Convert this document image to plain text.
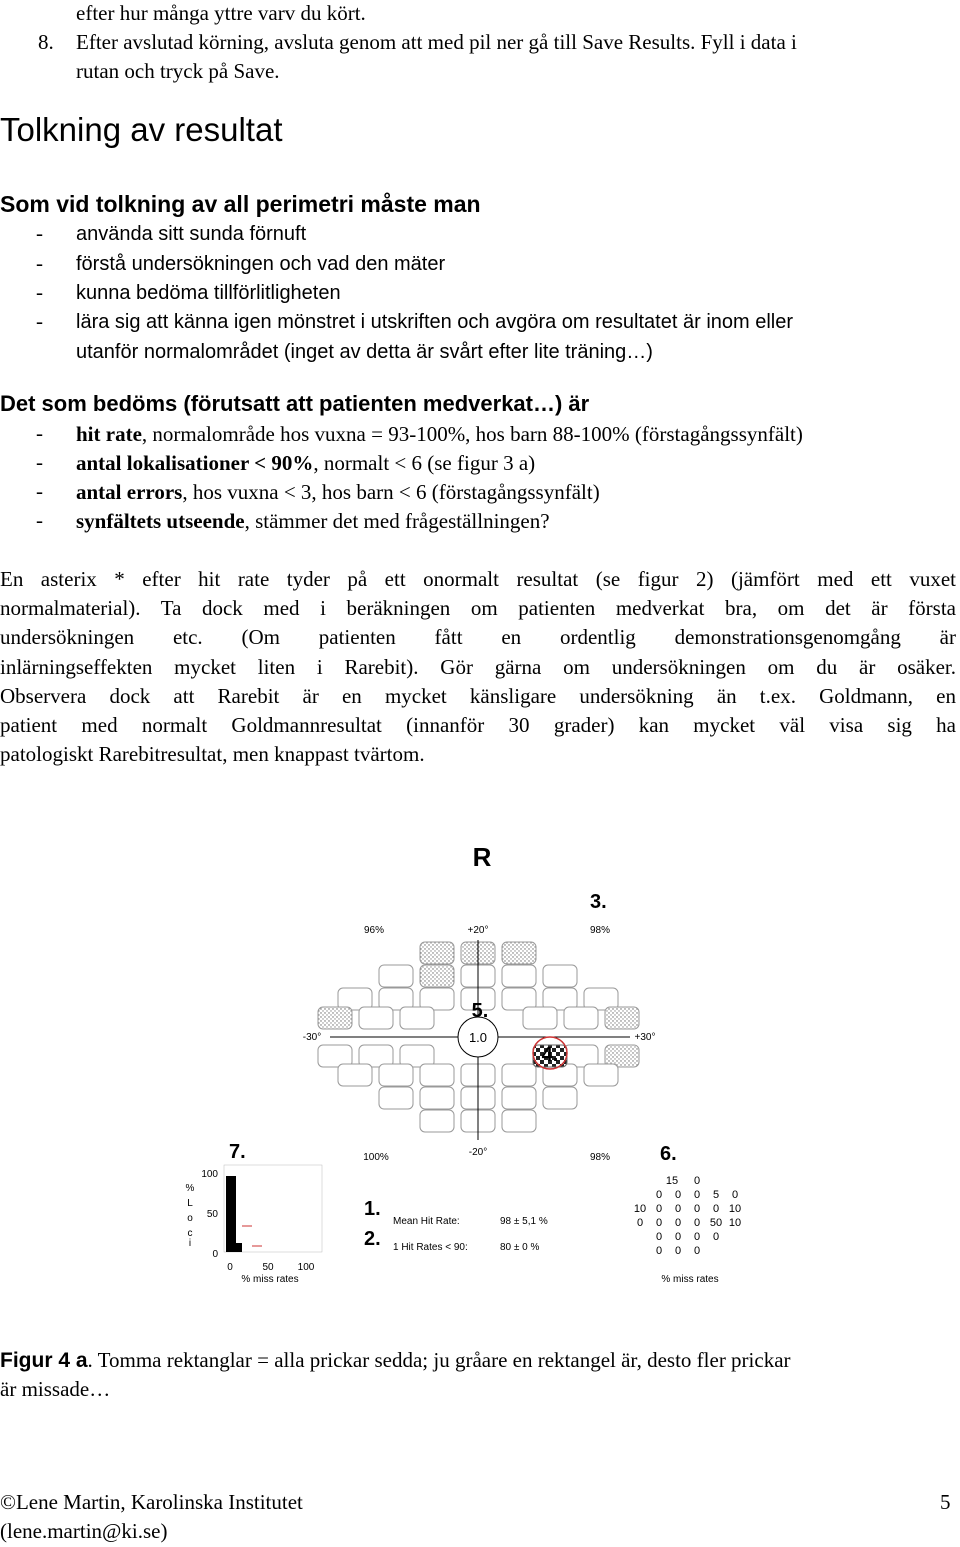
efter hur många yttre varv du kört.
8. Efter avslutad körning, avsluta genom att med pil ner gå till Save Results. Fyll i data i
rutan och tryck på Save.
Tolkning av resultat
Som vid tolkning av all perimetri måste man
- använda sitt sunda förnuft
- förstå undersökningen och vad den mäter
- kunna bedöma tillförlitligheten
- lära sig att känna igen mönstret i utskriften och avgöra om resultatet är inom eller
utanför normalområdet (inget av detta är svårt efter lite träning…)
Det som bedöms (förutsatt att patienten medverkat…) är
- hit rate, normalområde hos vuxna = 93-100%, hos barn 88-100% (förstagångssynfält)
- antal lokalisationer < 90%, normalt < 6 (se figur 3 a)
- antal errors, hos vuxna < 3, hos barn < 6 (förstagångssynfält)
- synfältets utseende, stämmer det med frågeställningen?
En asterix * efter hit rate tyder på ett onormalt resultat (se figur 2) (jämfört med ett vuxet
normalmaterial). Ta dock med i beräkningen om patienten medverkat bra, om det är första
undersökningen etc. (Om patienten fått en ordentlig demonstrationsgenomgång är
inlärningseffekten mycket liten i Rarebit). Gör gärna om undersökningen om du är osäker.
Observera dock att Rarebit är en mycket känsligare undersökning än t.ex. Goldmann, en
patient med normalt Goldmannresultat (innanför 30 grader) kan mycket väl visa sig ha
patologiskt Rarebitresultat, men knappast tvärtom.
R
3.
96%	+20°	98%
-30°	+30°
1.0
5.
4.
100%	-20°	98%
7.
100
50
0
%
L
o
c
i
0	50 100
% miss rates
1.
2.
Mean Hit Rate:	98 ± 5,1 %
1 Hit Rates < 90:	80 ± 0 %
6.
15 0
0 0 0 5 0
10 0 0 0 0 10
0 0 0 0 50 10
0 0 0 0
0 0 0
% miss rates
Figur 4 a. Tomma rektanglar = alla prickar sedda; ju gråare en rektangel är, desto fler prickar
är missade…
©Lene Martin, Karolinska Institutet
(lene.martin@ki.se)
5
